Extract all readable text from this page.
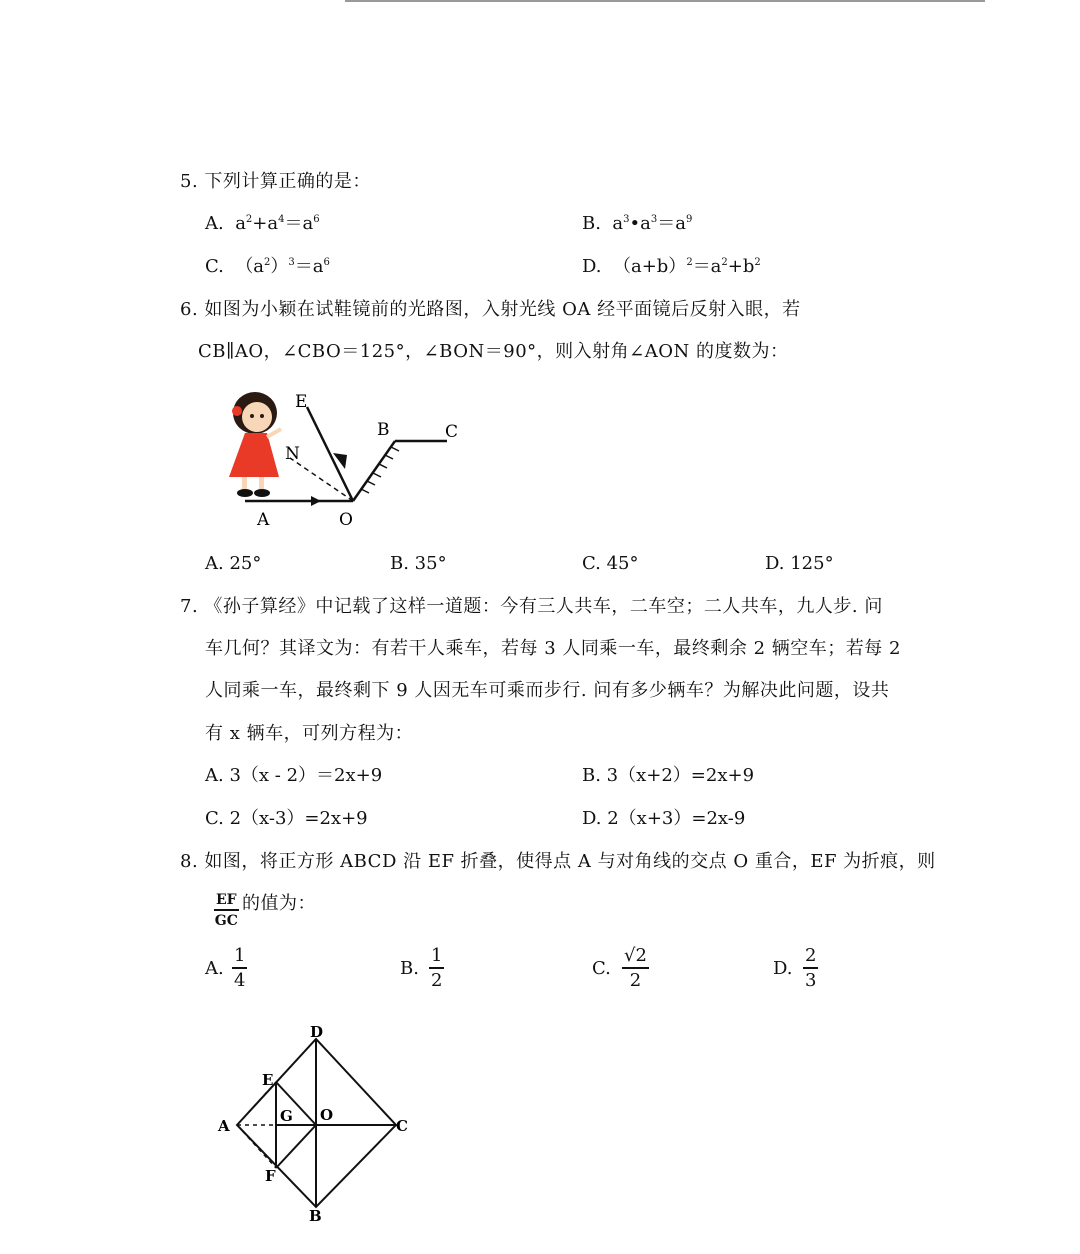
5. 下列计算正确的是：
A. $a^2+a^4=a^6$	B. $a^3•a^3=a^9$
C. $(a^2)^3=a^6$	D. $(a+b)^2=a^2+b^2$
6. 如图为小颖在试鞋镜前的光路图，入射光线 OA 经平面镜后反射入眼，若
CB∥AO，∠CBO＝125°，∠BON＝90°，则入射角∠AON 的度数为：
E
N
B	C
A	O
A. 25°	B. 35°	C. 45°	D. 125°
7. 《孙子算经》中记载了这样一道题：今有三人共车，二车空；二人共车，九人步. 问
车几何？其译文为：有若干人乘车，若每 3 人同乘一车，最终剩余 2 辆空车；若每 2
人同乘一车，最终剩下 9 人因无车可乘而步行. 问有多少辆车？为解决此问题，设共
有 x 辆车，可列方程为：
A. 3（x - 2）＝2x+9	B. 3（x+2）=2x+9
C. 2（x-3）=2x+9	D. 2（x+3）=2x-9
8. 如图，将正方形 ABCD 沿 EF 折叠，使得点 A 与对角线的交点 O 重合，EF 为折痕，则
EF
GC
的值为：
A.
1
4
B.
1
2
C.
√2
2
D.
2
3
D
E
A
G O
C
F
B
